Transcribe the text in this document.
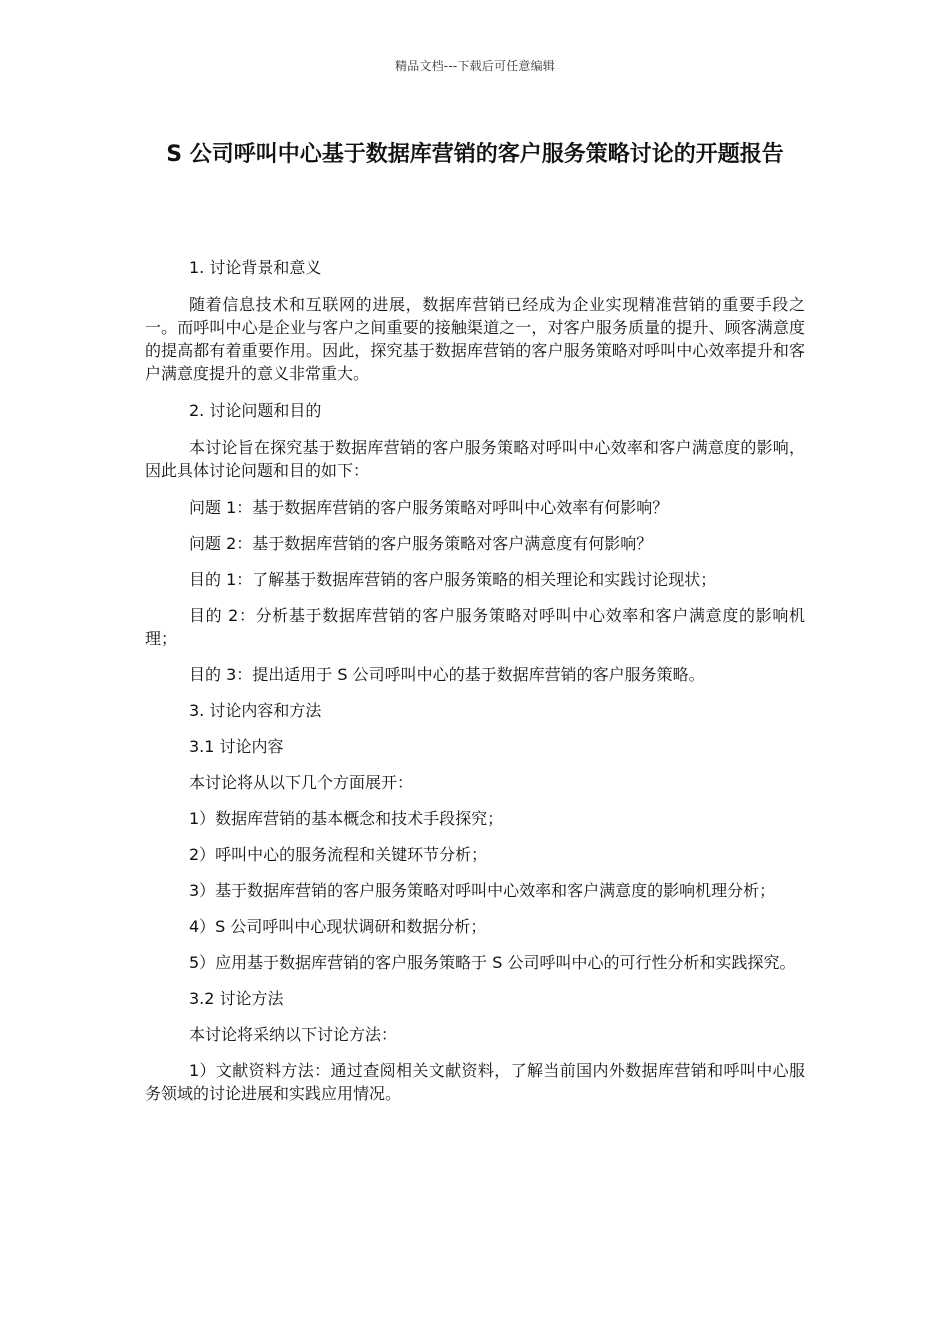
精品文档---下载后可任意编辑
S 公司呼叫中心基于数据库营销的客户服务策略讨论的开题报告

1. 讨论背景和意义

随着信息技术和互联网的进展，数据库营销已经成为企业实现精准营销的重要手段之一。而呼叫中心是企业与客户之间重要的接触渠道之一，对客户服务质量的提升、顾客满意度的提高都有着重要作用。因此，探究基于数据库营销的客户服务策略对呼叫中心效率提升和客户满意度提升的意义非常重大。

2. 讨论问题和目的

本讨论旨在探究基于数据库营销的客户服务策略对呼叫中心效率和客户满意度的影响，因此具体讨论问题和目的如下：

问题 1：基于数据库营销的客户服务策略对呼叫中心效率有何影响？

问题 2：基于数据库营销的客户服务策略对客户满意度有何影响？

目的 1：了解基于数据库营销的客户服务策略的相关理论和实践讨论现状；

目的 2：分析基于数据库营销的客户服务策略对呼叫中心效率和客户满意度的影响机理；

目的 3：提出适用于 S 公司呼叫中心的基于数据库营销的客户服务策略。

3. 讨论内容和方法

3.1 讨论内容

本讨论将从以下几个方面展开：

1）数据库营销的基本概念和技术手段探究；

2）呼叫中心的服务流程和关键环节分析；

3）基于数据库营销的客户服务策略对呼叫中心效率和客户满意度的影响机理分析；

4）S 公司呼叫中心现状调研和数据分析；

5）应用基于数据库营销的客户服务策略于 S 公司呼叫中心的可行性分析和实践探究。

3.2 讨论方法

本讨论将采纳以下讨论方法：

1）文献资料方法：通过查阅相关文献资料，了解当前国内外数据库营销和呼叫中心服务领域的讨论进展和实践应用情况。
